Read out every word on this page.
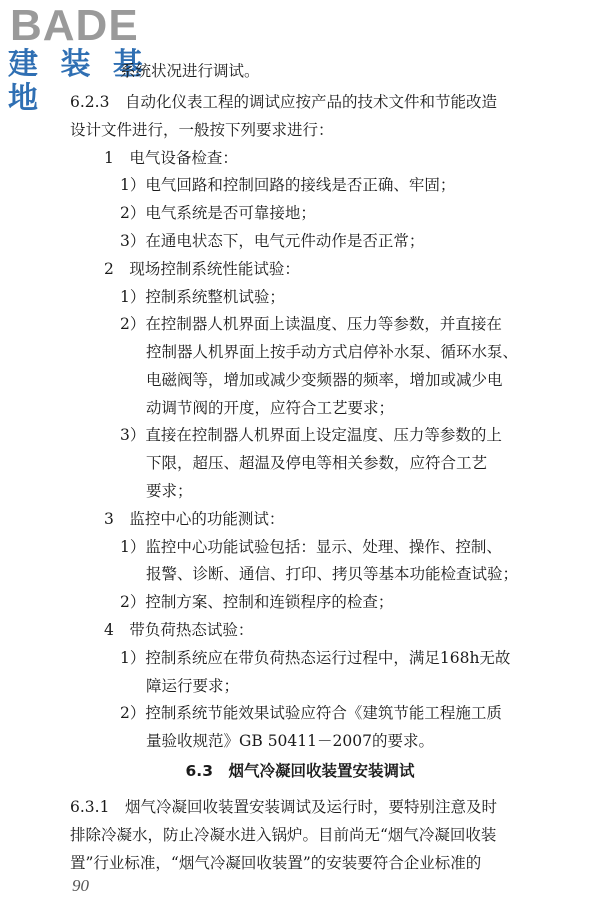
BADE
建 装 基 地
系统状况进行调试。
6.2.3　自动化仪表工程的调试应按产品的技术文件和节能改造
设计文件进行，一般按下列要求进行：
1　电气设备检查：
1）电气回路和控制回路的接线是否正确、牢固；
2）电气系统是否可靠接地；
3）在通电状态下，电气元件动作是否正常；
2　现场控制系统性能试验：
1）控制系统整机试验；
2）在控制器人机界面上读温度、压力等参数，并直接在
控制器人机界面上按手动方式启停补水泵、循环水泵、
电磁阀等，增加或减少变频器的频率，增加或减少电
动调节阀的开度，应符合工艺要求；
3）直接在控制器人机界面上设定温度、压力等参数的上
下限，超压、超温及停电等相关参数，应符合工艺
要求；
3　监控中心的功能测试：
1）监控中心功能试验包括：显示、处理、操作、控制、
报警、诊断、通信、打印、拷贝等基本功能检查试验；
2）控制方案、控制和连锁程序的检查；
4　带负荷热态试验：
1）控制系统应在带负荷热态运行过程中，满足168h无故
障运行要求；
2）控制系统节能效果试验应符合《建筑节能工程施工质
量验收规范》GB 50411－2007的要求。
6.3　烟气冷凝回收装置安装调试
6.3.1　烟气冷凝回收装置安装调试及运行时，要特别注意及时
排除冷凝水，防止冷凝水进入锅炉。目前尚无“烟气冷凝回收装
置”行业标准，“烟气冷凝回收装置”的安装要符合企业标准的
90
